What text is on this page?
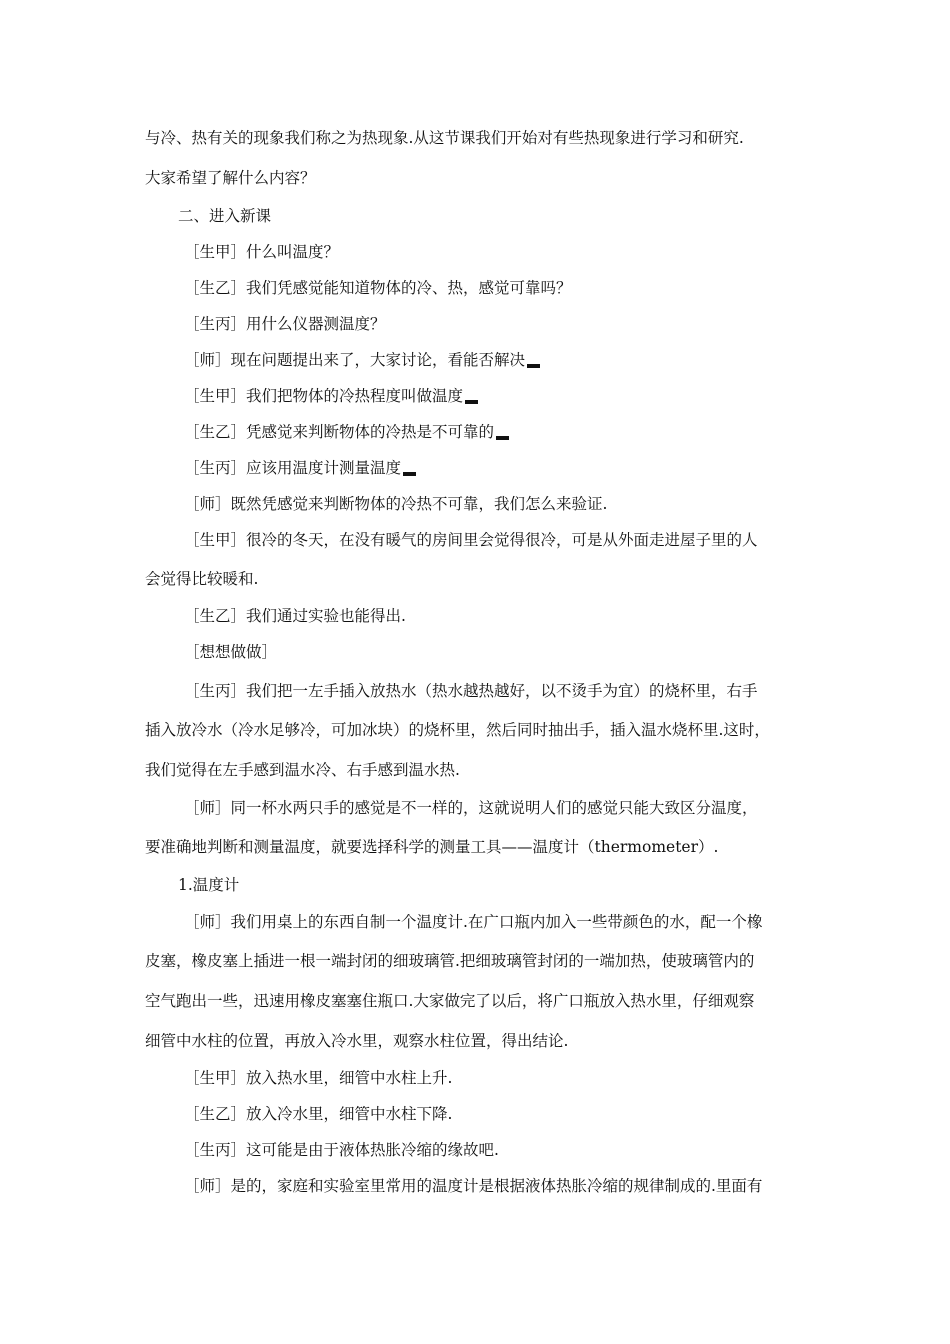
与冷、热有关的现象我们称之为热现象.从这节课我们开始对有些热现象进行学习和研究.
大家希望了解什么内容？
二、进入新课
［生甲］什么叫温度？
［生乙］我们凭感觉能知道物体的冷、热，感觉可靠吗？
［生丙］用什么仪器测温度？
［师］现在问题提出来了，大家讨论，看能否解决
［生甲］我们把物体的冷热程度叫做温度
［生乙］凭感觉来判断物体的冷热是不可靠的
［生丙］应该用温度计测量温度
［师］既然凭感觉来判断物体的冷热不可靠，我们怎么来验证.
［生甲］很冷的冬天，在没有暖气的房间里会觉得很冷，可是从外面走进屋子里的人
会觉得比较暖和.
［生乙］我们通过实验也能得出.
［想想做做］
［生丙］我们把一左手插入放热水（热水越热越好，以不烫手为宜）的烧杯里，右手
插入放冷水（冷水足够冷，可加冰块）的烧杯里，然后同时抽出手，插入温水烧杯里.这时，
我们觉得在左手感到温水冷、右手感到温水热.
［师］同一杯水两只手的感觉是不一样的，这就说明人们的感觉只能大致区分温度，
要准确地判断和测量温度，就要选择科学的测量工具——温度计（thermometer）.
1.温度计
［师］我们用桌上的东西自制一个温度计.在广口瓶内加入一些带颜色的水，配一个橡
皮塞，橡皮塞上插进一根一端封闭的细玻璃管.把细玻璃管封闭的一端加热，使玻璃管内的
空气跑出一些，迅速用橡皮塞塞住瓶口.大家做完了以后，将广口瓶放入热水里，仔细观察
细管中水柱的位置，再放入冷水里，观察水柱位置，得出结论.
［生甲］放入热水里，细管中水柱上升.
［生乙］放入冷水里，细管中水柱下降.
［生丙］这可能是由于液体热胀冷缩的缘故吧.
［师］是的，家庭和实验室里常用的温度计是根据液体热胀冷缩的规律制成的.里面有
